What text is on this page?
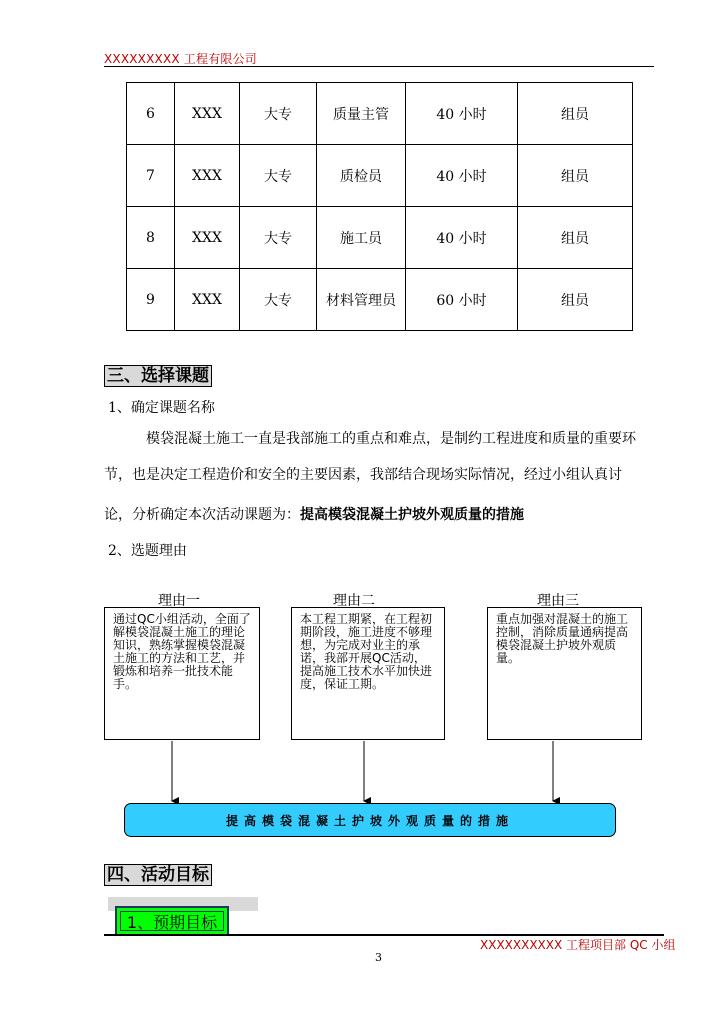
XXXXXXXXX 工程有限公司
6	XXX	大专	质量主管	40 小时	组员
7	XXX	大专	质检员	40 小时	组员
8	XXX	大专	施工员	40 小时	组员
9	XXX	大专	材料管理员	60 小时	组员
三、选择课题
1、确定课题名称
模袋混凝土施工一直是我部施工的重点和难点，是制约工程进度和质量的重要环
节，也是决定工程造价和安全的主要因素，我部结合现场实际情况，经过小组认真讨
论，分析确定本次活动课题为：提高模袋混凝土护坡外观质量的措施
2、选题理由
理由一	理由二	理由三
通过QC小组活动，全面了解模袋混凝土施工的理论知识，熟练掌握模袋混凝土施工的方法和工艺，并锻炼和培养一批技术能手。
本工程工期紧，在工程初期阶段，施工进度不够理想，为完成对业主的承诺，我部开展QC活动，提高施工技术水平加快进度，保证工期。
重点加强对混凝土的施工控制，消除质量通病提高模袋混凝土护坡外观质量。
提高模袋混凝土护坡外观质量的措施
四、活动目标
1、预期目标
XXXXXXXXXX 工程项目部 QC 小组
3
